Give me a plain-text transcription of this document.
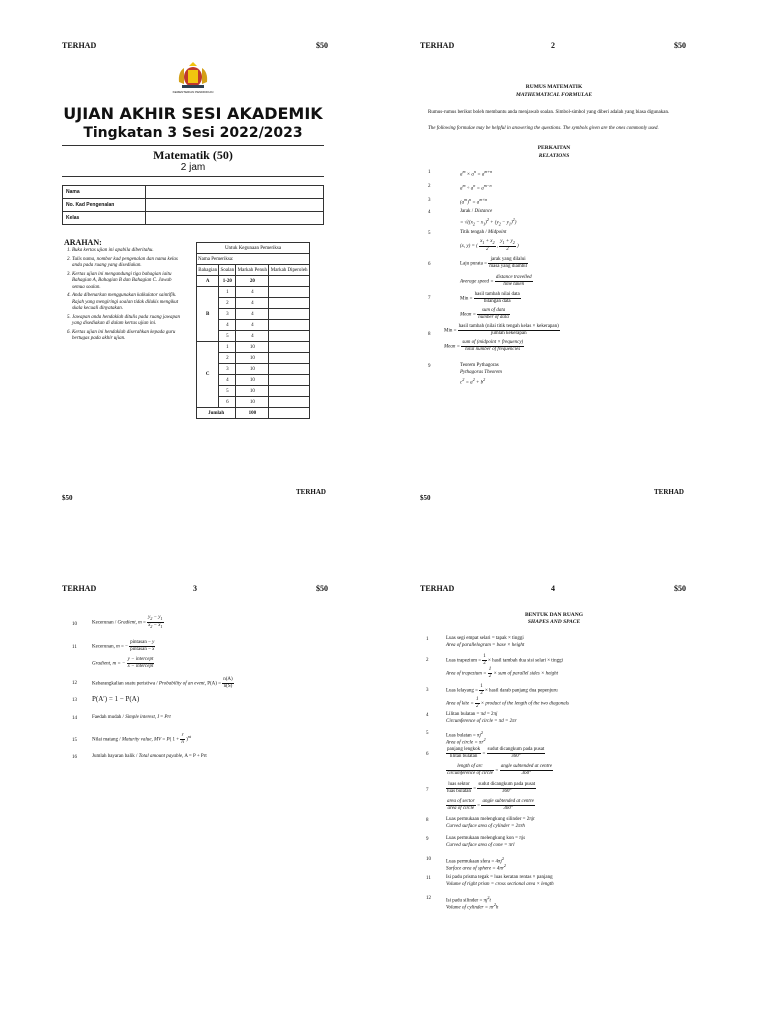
TERHAD	$50
KEMENTERIAN PENDIDIKAN
UJIAN AKHIR SESI AKADEMIK
Tingkatan 3 Sesi 2022/2023
Matematik (50)
2 jam
Nama	
No. Kad Pengenalan	
Kelas	
ARAHAN:
1. Buka kertas ujian ini apabila diberitahu.
2. Tulis nama, nombor kad pengenalan dan nama kelas anda pada ruang yang disediakan.
3. Kertas ujian ini mengandungi tiga bahagian iaitu Bahagian A, Bahagian B dan Bahagian C. Jawab semua soalan.
4. Anda dibenarkan menggunakan kalkulator saintifik. Rajah yang mengiringi soalan tidak dilukis mengikut skala kecuali dinyatakan.
5. Jawapan anda hendaklah ditulis pada ruang jawapan yang disediakan di dalam kertas ujian ini.
6. Kertas ujian ini hendaklah diserahkan kepada guru bertugas pada akhir ujian.
Untuk Kegunaan Pemeriksa			
Nama Pemeriksa:			
Bahagian	Soalan	Markah Penuh	Markah Diperoleh
A	1-20	20	
B	1	4	
	2	4	
	3	4	
	4	4	
	5	4	
C	1	10	
	2	10	
	3	10	
	4	10	
	5	10	
	6	10	
Jumlah		100	
$50
TERHAD
TERHAD	2	$50
RUMUS MATEMATIK
MATHEMATICAL FORMULAE
Rumus-rumus berikut boleh membantu anda menjawab soalan. Simbol-simbol yang diberi adalah yang biasa digunakan.
The following formulae may be helpful in answering the questions. The symbols given are the ones commonly used.
PERKAITAN
RELATIONS
1
$a^m \times a^n = a^{m+n}$
2
$a^m \div a^n = a^{m-n}$
3
$(a^m)^n = a^{m\times n}$
4	Jarak / Distance
= $√((x_2 - x_1)^2 + (y_2 - y_1)^2)$
5	Titik tengah / Midpoint
(x, y) = ( $\frac{x_1 + x_2}{2}$ , $\frac{y_1 + y_2}{2}$ )
6	Laju purata = $\frac{\text{jarak yang dilalui}}{\text{masa yang diambil}}$
Average speed = $\frac{\text{distance travelled}}{\text{time taken}}$
7	Min = $\frac{\text{hasil tambah nilai data}}{\text{bilangan data}}$
Mean = $\frac{\text{sum of data}}{\text{number of data}}$
8
Min = $\frac{\text{hasil tambah (nilai titik tengah kelas × kekerapan)}}{\text{jumlah kekerapan}}$
Mean = $\frac{\text{sum of (midpoint × frequency)}}{\text{total number of frequencies}}$
9	Teorem Pythagoras
Pythagoras Theorem
$c^2 = a^2 + b^2$
$50
TERHAD
TERHAD	3	$50
10	Kecerunan / Gradient, $m = \frac{y_2 - y_1}{x_2 - x_1}$
11	Kecerunan, m = − $\frac{\text{pintasan − y}}{\text{pintasan − x}}$
Gradient, m = − $\frac{\text{y − intercept}}{\text{x − intercept}}$
12	Kebarangkalian suatu peristiwa / Probability of an event, $P(A) = \frac{n(A)}{n(S)}$
13 P(A′) = 1 − P(A)
14	Faedah mudah / Simple interest, I = Prt
15	Nilai matang / Maturity value, MV = P( $1 + \frac{r}{n} )^{nt}$
16	Jumlah bayaran balik / Total amount payable, A = P + Prt
TERHAD	4	$50
BENTUK DAN RUANG
SHAPES AND SPACE
1	Luas segi empat selari = tapak × tinggi
Area of parallelogram = base × height
2	Luas trapezium = $\frac{1}{2}$ × hasil tambah dua sisi selari × tinggi
Area of trapezium = $\frac{1}{2}$ × sum of parallel sides × height
3	Luas lelayang = $\frac{1}{2}$ × hasil darab panjang dua pepenjuru
Area of kite = $\frac{1}{2}$ × product of the length of the two diagonals
4	Lilitan bulatan = πd = 2πj
Circumference of circle = πd = 2πr
5
Luas bulatan = $\pi j^2$
Area of circle = $\pi r^2$
6	$\frac{\text{panjang lengkok}}{\text{lilitan bulatan}} = \frac{\text{sudut dicangkum pada pusat}}{360^\circ}$
$\frac{\text{length of arc}}{\text{circumference of circle}} = \frac{\text{angle subtended at centre}}{360^\circ}$
7	$\frac{\text{luas sektor}}{\text{luas bulatan}} = \frac{\text{sudut dicangkum pada pusat}}{360^\circ}$
$\frac{\text{area of sector}}{\text{area of circle}} = \frac{\text{angle subtended at centre}}{360^\circ}$
8	Luas permukaan melengkung silinder = 2πjt
Curved surface area of cylinder = 2πrh
9	Luas permukaan melengkung kon = πjs
Curved surface area of cone = πrl
10
Luas permukaan sfera = $4\pi j^2$
Surface area of sphere = $4\pi r^2$
11	Isi padu prisma tegak = luas keratan rentas × panjang
Volume of right prism = cross sectional area × length
12
Isi padu silinder = $\pi j^2t$
Volume of cylinder = $\pi r^2h$
